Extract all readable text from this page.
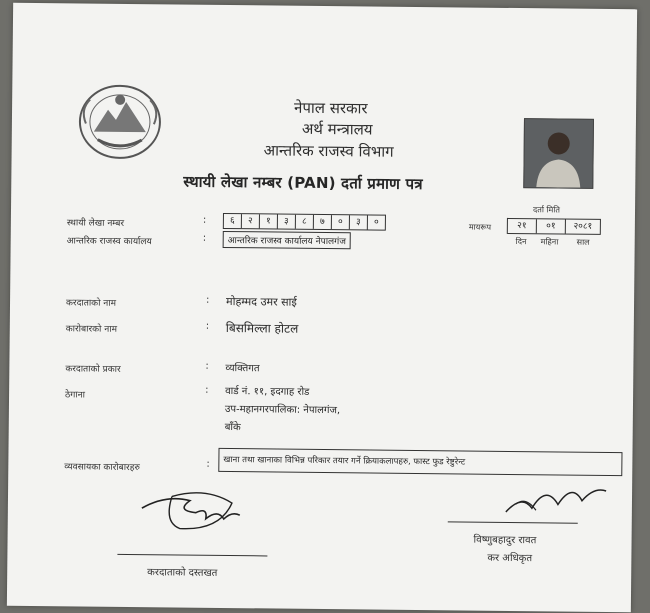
नेपाल सरकार
अर्थ मन्त्रालय
आन्तरिक राजस्व विभाग
स्थायी लेखा नम्बर (PAN) दर्ता प्रमाण पत्र
स्थायी लेखा नम्बर	:	६	२	१	३	८	७	०	३	०
आन्तरिक राजस्व कार्यालय	:	आन्तरिक राजस्व कार्यालय नेपालगंज
दर्ता मिति
मायरूप	२१	०१	२०८१
दिन महिना साल
करदाताको नाम	: मोहम्मद उमर साई
कारोबारको नाम	: बिसमिल्ला होटल
करदाताको प्रकार	: व्यक्तिगत
ठेगाना	: वार्ड नं. ११, इदगाह रोड
उप-महानगरपालिका: नेपालगंज,
बाँके
व्यवसायका कारोबारहरु	:	खाना तथा खानाका विभिन्न परिकार तयार गर्ने क्रियाकलापहरु, फास्ट फुड रेष्टुरेन्ट
करदाताको दस्तखत
विष्णुबहादुर रावत
कर अधिकृत
